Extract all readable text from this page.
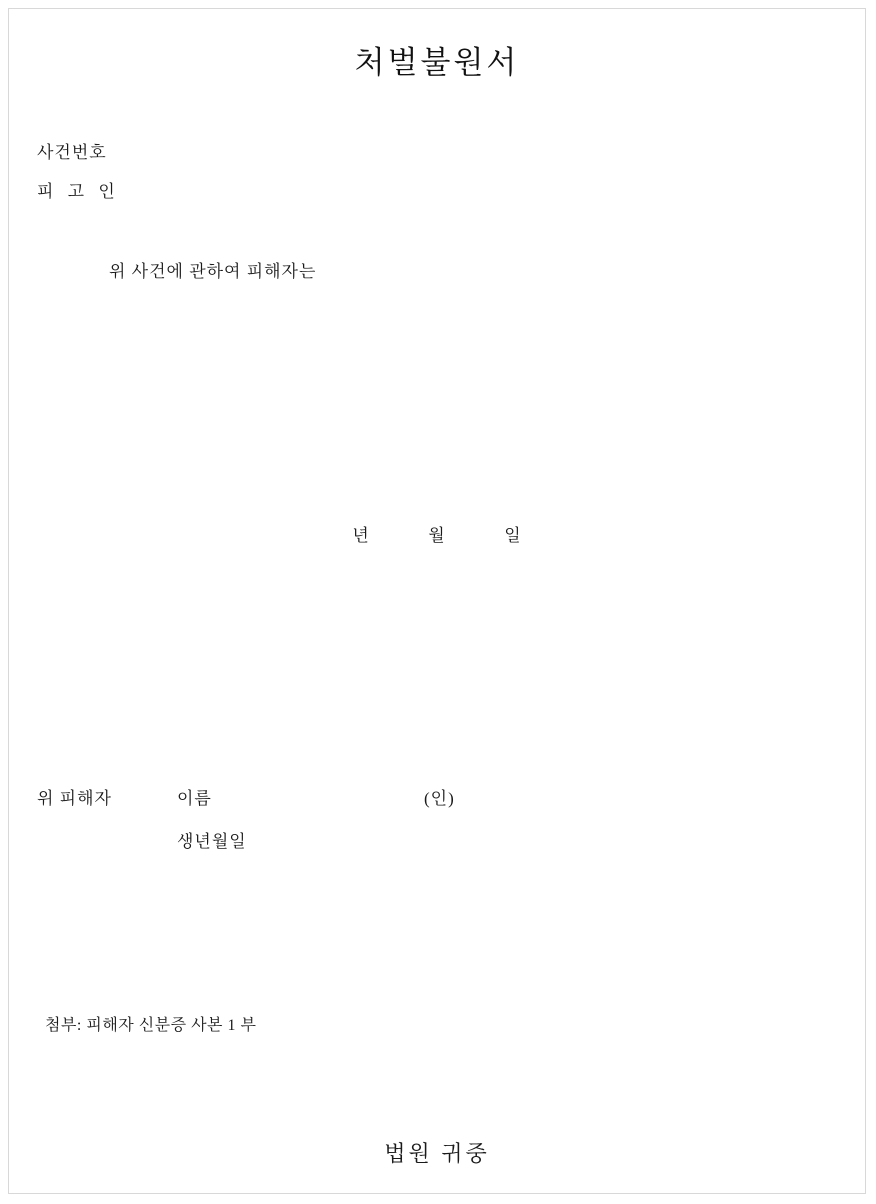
처벌불원서
사건번호
피 고 인
위 사건에 관하여 피해자는
년	월	일
위 피해자	이름	(인)
생년월일
첨부: 피해자 신분증 사본 1 부
법원 귀중
